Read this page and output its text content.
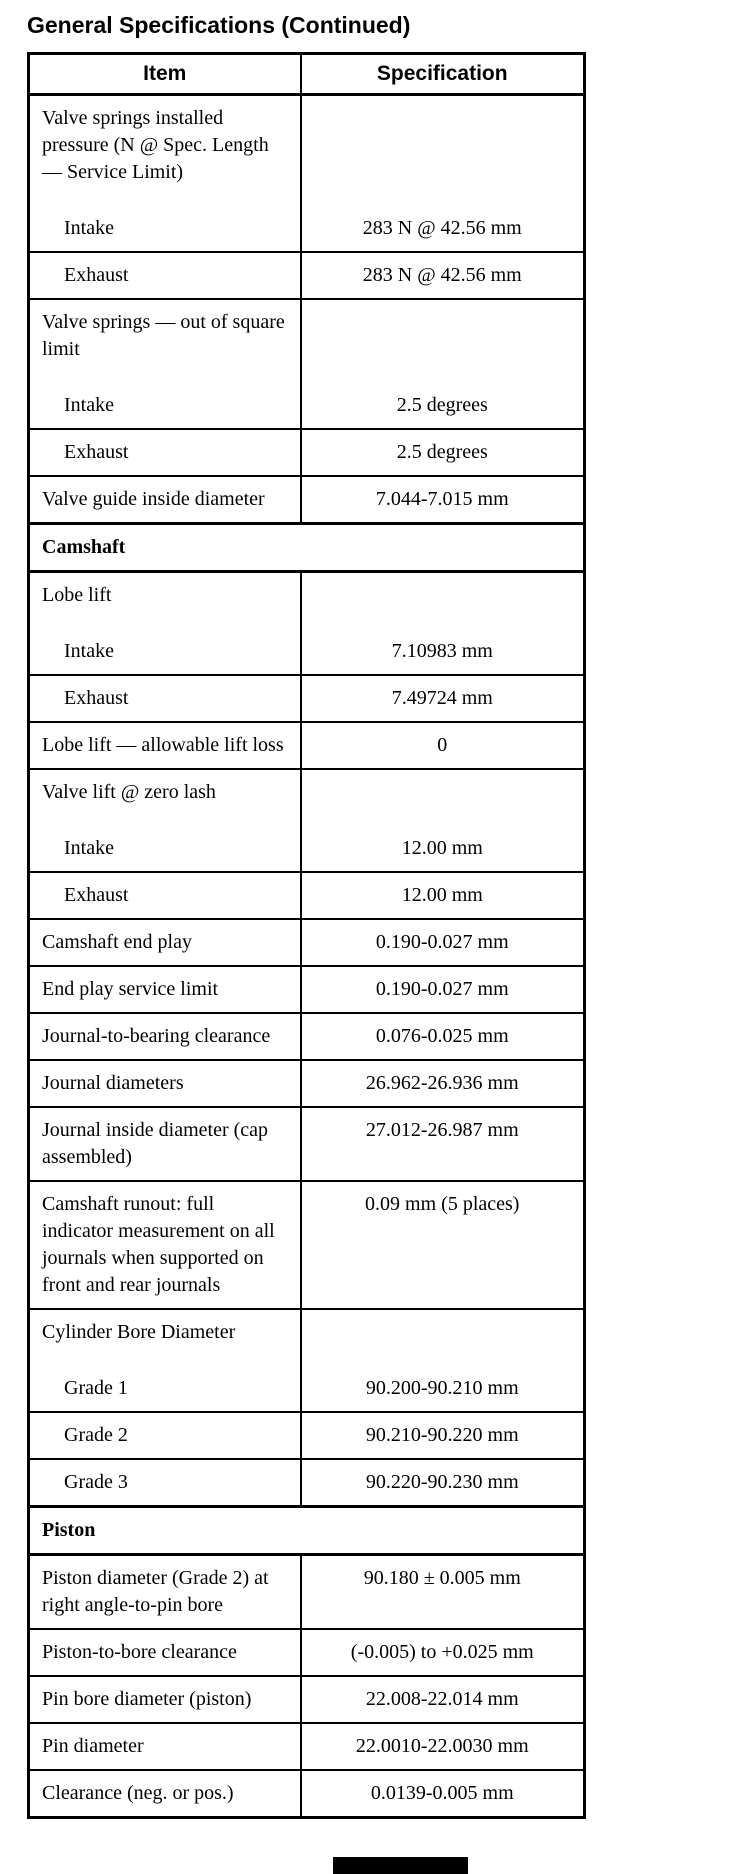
General Specifications (Continued)
Item	Specification
Valve springs installed pressure (N @ Spec. Length — Service Limit)	
Intake	283 N @ 42.56 mm
Exhaust	283 N @ 42.56 mm
Valve springs — out of square limit	
Intake	2.5 degrees
Exhaust	2.5 degrees
Valve guide inside diameter	7.044-7.015 mm
Camshaft	
Lobe lift	
Intake	7.10983 mm
Exhaust	7.49724 mm
Lobe lift — allowable lift loss	0
Valve lift @ zero lash	
Intake	12.00 mm
Exhaust	12.00 mm
Camshaft end play	0.190-0.027 mm
End play service limit	0.190-0.027 mm
Journal-to-bearing clearance	0.076-0.025 mm
Journal diameters	26.962-26.936 mm
Journal inside diameter (cap assembled)	27.012-26.987 mm
Camshaft runout: full indicator measurement on all journals when supported on front and rear journals	0.09 mm (5 places)
Cylinder Bore Diameter	
Grade 1	90.200-90.210 mm
Grade 2	90.210-90.220 mm
Grade 3	90.220-90.230 mm
Piston	
Piston diameter (Grade 2) at right angle-to-pin bore	90.180 ± 0.005 mm
Piston-to-bore clearance	(-0.005) to +0.025 mm
Pin bore diameter (piston)	22.008-22.014 mm
Pin diameter	22.0010-22.0030 mm
Clearance (neg. or pos.)	0.0139-0.005 mm
